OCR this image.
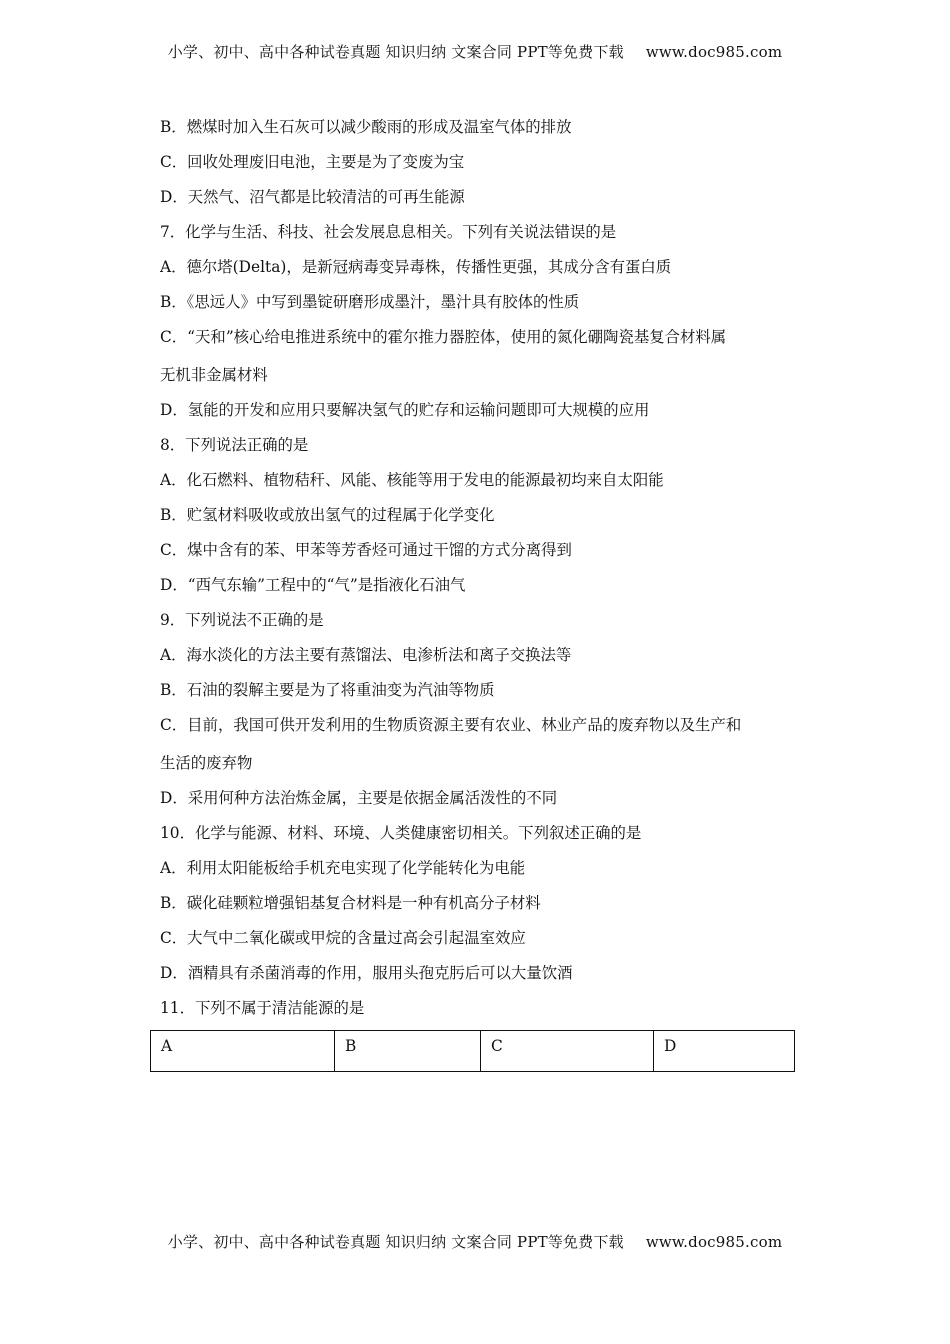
小学、初中、高中各种试卷真题 知识归纳 文案合同 PPT等免费下载 www.doc985.com
B．燃煤时加入生石灰可以减少酸雨的形成及温室气体的排放
C．回收处理废旧电池，主要是为了变废为宝
D．天然气、沼气都是比较清洁的可再生能源
7．化学与生活、科技、社会发展息息相关。下列有关说法错误的是
A．德尔塔(Delta)，是新冠病毒变异毒株，传播性更强，其成分含有蛋白质
B．《思远人》中写到墨锭研磨形成墨汁，墨汁具有胶体的性质
C．“天和”核心给电推进系统中的霍尔推力器腔体，使用的氮化硼陶瓷基复合材料属
无机非金属材料
D．氢能的开发和应用只要解决氢气的贮存和运输问题即可大规模的应用
8．下列说法正确的是
A．化石燃料、植物秸秆、风能、核能等用于发电的能源最初均来自太阳能
B．贮氢材料吸收或放出氢气的过程属于化学变化
C．煤中含有的苯、甲苯等芳香烃可通过干馏的方式分离得到
D．“西气东输”工程中的“气”是指液化石油气
9．下列说法不正确的是
A．海水淡化的方法主要有蒸馏法、电渗析法和离子交换法等
B．石油的裂解主要是为了将重油变为汽油等物质
C．目前，我国可供开发利用的生物质资源主要有农业、林业产品的废弃物以及生产和
生活的废弃物
D．采用何种方法治炼金属，主要是依据金属活泼性的不同
10．化学与能源、材料、环境、人类健康密切相关。下列叙述正确的是
A．利用太阳能板给手机充电实现了化学能转化为电能
B．碳化硅颗粒增强铝基复合材料是一种有机高分子材料
C．大气中二氧化碳或甲烷的含量过高会引起温室效应
D．酒精具有杀菌消毒的作用，服用头孢克肟后可以大量饮酒
11．下列不属于清洁能源的是
A	B	C	D
小学、初中、高中各种试卷真题 知识归纳 文案合同 PPT等免费下载 www.doc985.com
